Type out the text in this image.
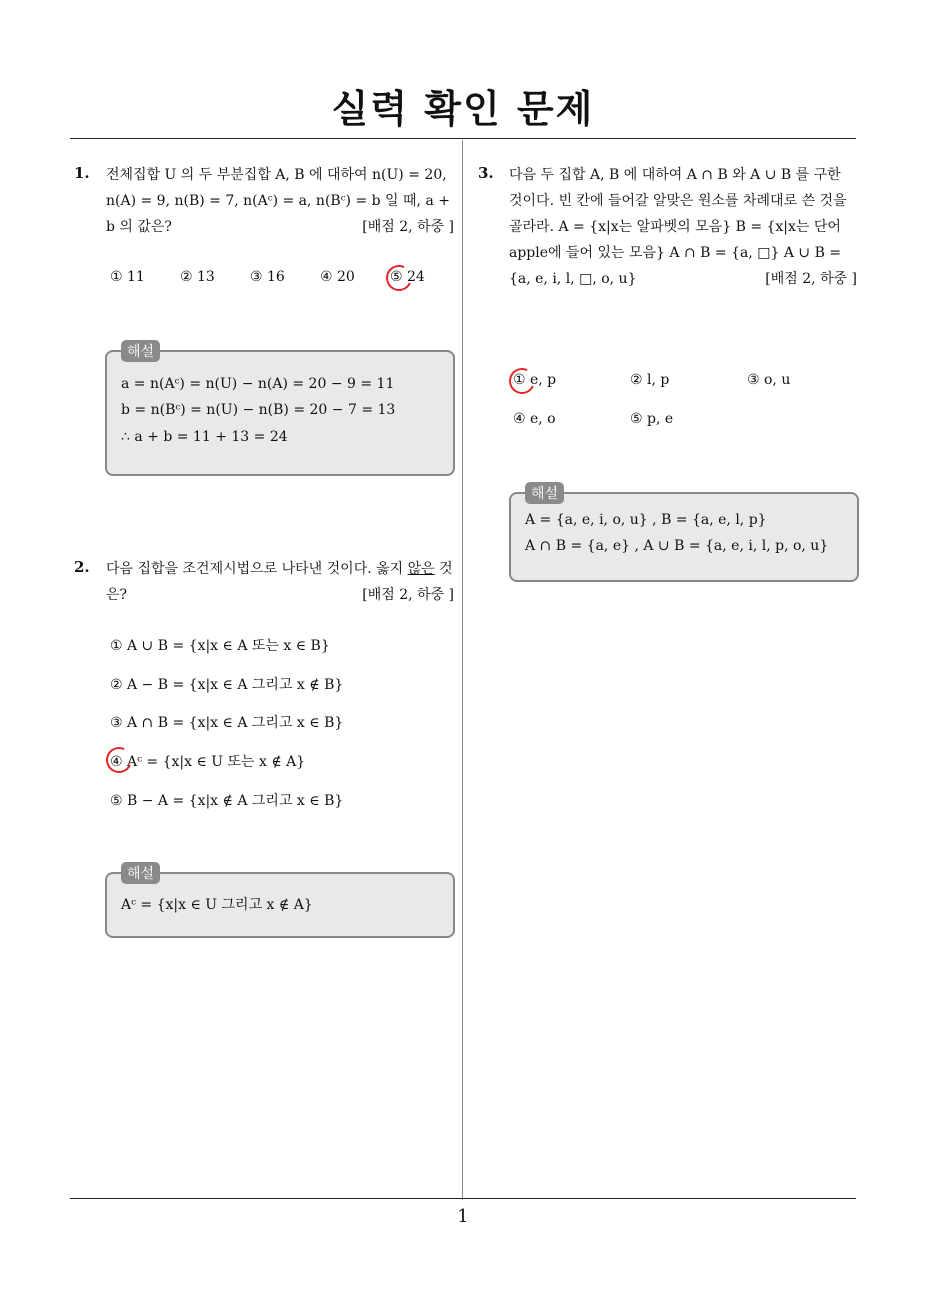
실력 확인 문제
1
1. 전체집합 U 의 두 부분집합 A, B 에 대하여 n(U) = 20, n(A) = 9, n(B) = 7, n(Aᶜ) = a, n(Bᶜ) = b 일 때, a + b 의 값은?	[배점 2, 하중 ]
① 11	② 13	③ 16	④ 20	⑤ 24
해설
a = n(Aᶜ) = n(U) − n(A) = 20 − 9 = 11
b = n(Bᶜ) = n(U) − n(B) = 20 − 7 = 13
∴ a + b = 11 + 13 = 24
2. 다음 집합을 조건제시법으로 나타낸 것이다. 옳지 않은 것은?	[배점 2, 하중 ]
① A ∪ B = {x|x ∈ A 또는 x ∈ B}
② A − B = {x|x ∈ A 그리고 x ∉ B}
③ A ∩ B = {x|x ∈ A 그리고 x ∈ B}
④ Aᶜ = {x|x ∈ U 또는 x ∉ A}
⑤ B − A = {x|x ∉ A 그리고 x ∈ B}
해설
Aᶜ = {x|x ∈ U 그리고 x ∉ A}
3. 다음 두 집합 A, B 에 대하여 A ∩ B 와 A ∪ B 를 구한 것이다. 빈 칸에 들어갈 알맞은 원소를 차례대로 쓴 것을 골라라. A = {x|x는 알파벳의 모음} B = {x|x는 단어 apple에 들어 있는 모음} A ∩ B = {a, □} A ∪ B = {a, e, i, l, □, o, u}	[배점 2, 하중 ]
① e, p	② l, p	③ o, u
④ e, o	⑤ p, e
해설
A = {a, e, i, o, u} , B = {a, e, l, p}
A ∩ B = {a, e} , A ∪ B = {a, e, i, l, p, o, u}
